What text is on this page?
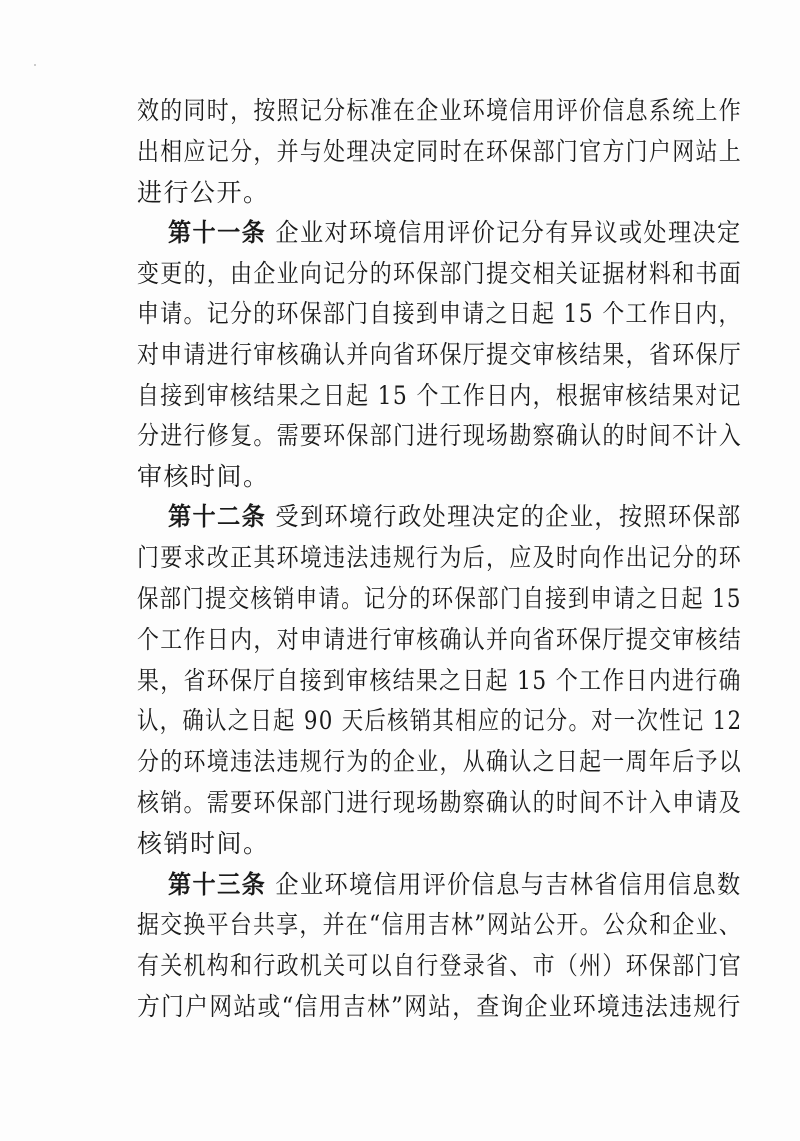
效的同时，按照记分标准在企业环境信用评价信息系统上作
出相应记分，并与处理决定同时在环保部门官方门户网站上
进行公开。
第十一条 企业对环境信用评价记分有异议或处理决定
变更的，由企业向记分的环保部门提交相关证据材料和书面
申请。记分的环保部门自接到申请之日起 15 个工作日内，
对申请进行审核确认并向省环保厅提交审核结果，省环保厅
自接到审核结果之日起 15 个工作日内，根据审核结果对记
分进行修复。需要环保部门进行现场勘察确认的时间不计入
审核时间。
第十二条 受到环境行政处理决定的企业，按照环保部
门要求改正其环境违法违规行为后，应及时向作出记分的环
保部门提交核销申请。记分的环保部门自接到申请之日起 15
个工作日内，对申请进行审核确认并向省环保厅提交审核结
果，省环保厅自接到审核结果之日起 15 个工作日内进行确
认，确认之日起 90 天后核销其相应的记分。对一次性记 12
分的环境违法违规行为的企业，从确认之日起一周年后予以
核销。需要环保部门进行现场勘察确认的时间不计入申请及
核销时间。
第十三条 企业环境信用评价信息与吉林省信用信息数
据交换平台共享，并在“信用吉林”网站公开。公众和企业、
有关机构和行政机关可以自行登录省、市（州）环保部门官
方门户网站或“信用吉林”网站，查询企业环境违法违规行
